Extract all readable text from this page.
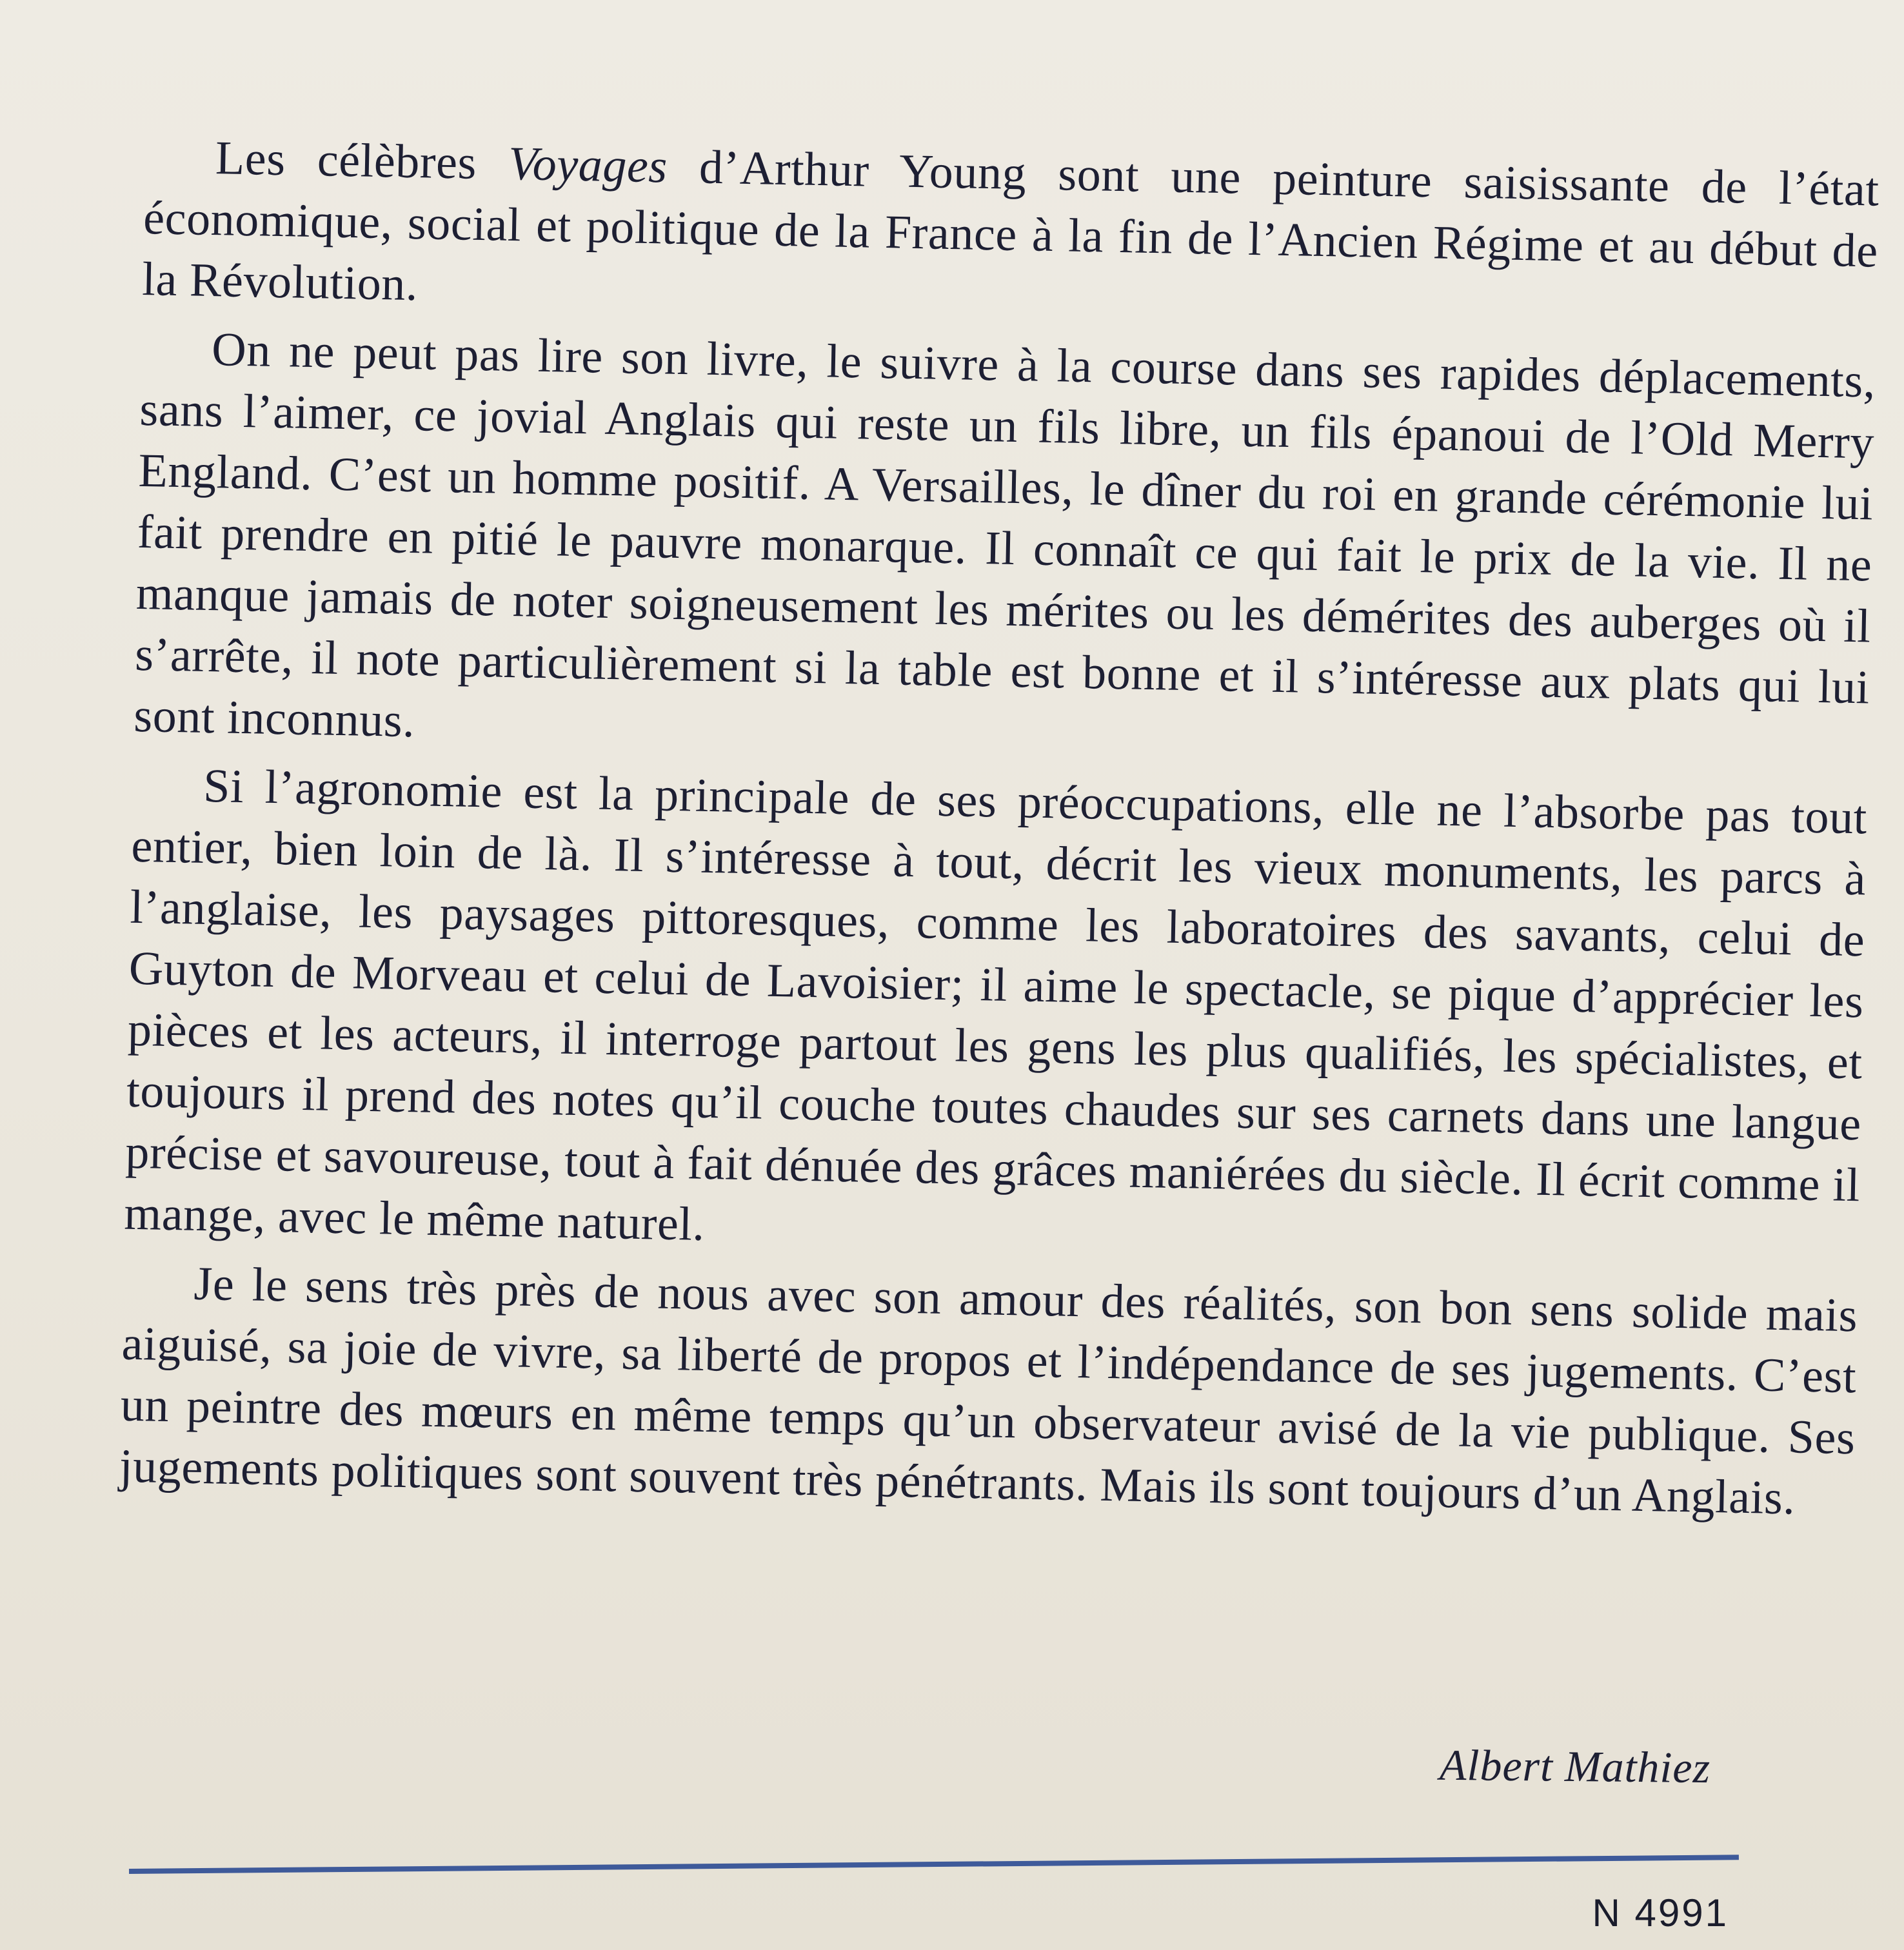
Les célèbres Voyages d’Arthur Young sont une peinture saisissante de l’état économique, social et politique de la France à la fin de l’Ancien Régime et au début de la Révolution.

On ne peut pas lire son livre, le suivre à la course dans ses rapides déplacements, sans l’aimer, ce jovial Anglais qui reste un fils libre, un fils épanoui de l’Old Merry England. C’est un homme positif. A Versailles, le dîner du roi en grande cérémonie lui fait prendre en pitié le pauvre monarque. Il connaît ce qui fait le prix de la vie. Il ne manque jamais de noter soigneusement les mérites ou les démérites des auberges où il s’arrête, il note particulièrement si la table est bonne et il s’intéresse aux plats qui lui sont inconnus.

Si l’agronomie est la principale de ses préoccupations, elle ne l’absorbe pas tout entier, bien loin de là. Il s’intéresse à tout, décrit les vieux monuments, les parcs à l’anglaise, les paysages pittoresques, comme les laboratoires des savants, celui de Guyton de Morveau et celui de Lavoisier; il aime le spectacle, se pique d’apprécier les pièces et les acteurs, il interroge partout les gens les plus qualifiés, les spécialistes, et toujours il prend des notes qu’il couche toutes chaudes sur ses carnets dans une langue précise et savoureuse, tout à fait dénuée des grâces maniérées du siècle. Il écrit comme il mange, avec le même naturel.

Je le sens très près de nous avec son amour des réalités, son bon sens solide mais aiguisé, sa joie de vivre, sa liberté de propos et l’indépendance de ses jugements. C’est un peintre des mœurs en même temps qu’un observateur avisé de la vie publique. Ses jugements politiques sont souvent très pénétrants. Mais ils sont toujours d’un Anglais.

Albert Mathiez
N 4991
